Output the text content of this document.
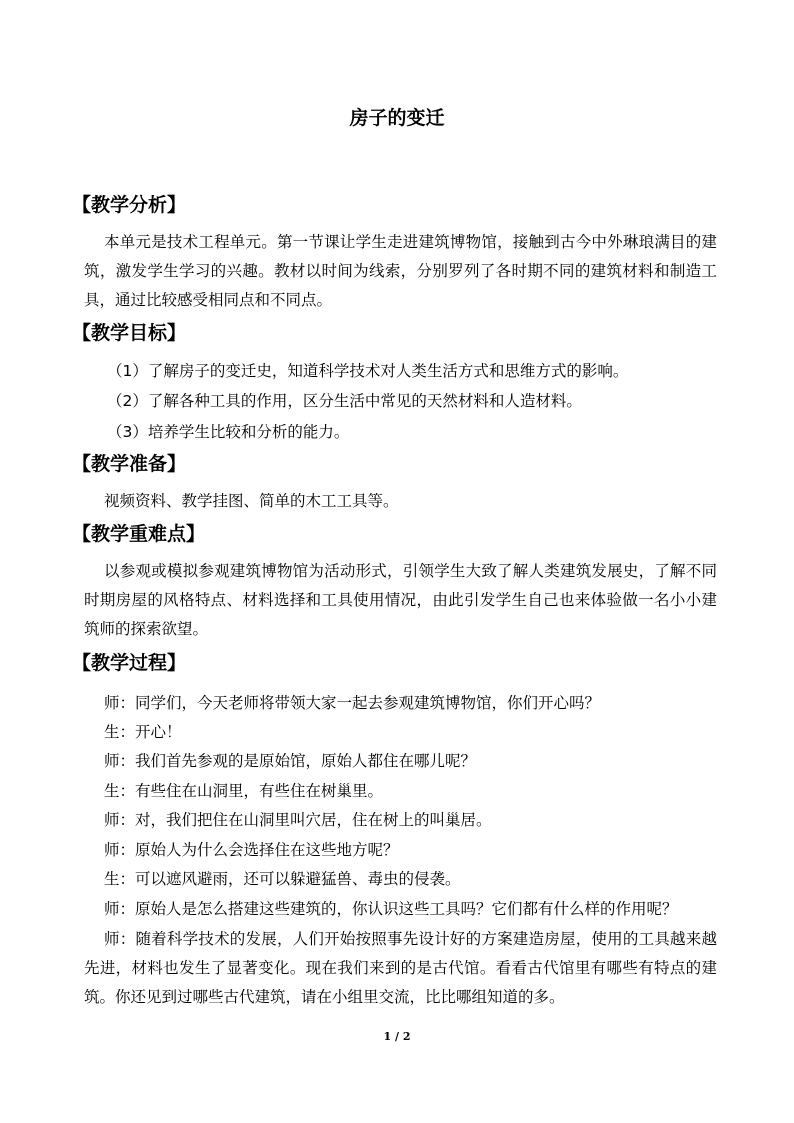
房子的变迁
【教学分析】
本单元是技术工程单元。第一节课让学生走进建筑博物馆，接触到古今中外琳琅满目的建筑，激发学生学习的兴趣。教材以时间为线索，分别罗列了各时期不同的建筑材料和制造工具，通过比较感受相同点和不同点。
【教学目标】
（1）了解房子的变迁史，知道科学技术对人类生活方式和思维方式的影响。
（2）了解各种工具的作用，区分生活中常见的天然材料和人造材料。
（3）培养学生比较和分析的能力。
【教学准备】
视频资料、教学挂图、简单的木工工具等。
【教学重难点】
以参观或模拟参观建筑博物馆为活动形式，引领学生大致了解人类建筑发展史，了解不同时期房屋的风格特点、材料选择和工具使用情况，由此引发学生自己也来体验做一名小小建筑师的探索欲望。
【教学过程】
师：同学们，今天老师将带领大家一起去参观建筑博物馆，你们开心吗？
生：开心！
师：我们首先参观的是原始馆，原始人都住在哪儿呢？
生：有些住在山洞里，有些住在树巢里。
师：对，我们把住在山洞里叫穴居，住在树上的叫巢居。
师：原始人为什么会选择住在这些地方呢？
生：可以遮风避雨，还可以躲避猛兽、毒虫的侵袭。
师：原始人是怎么搭建这些建筑的，你认识这些工具吗？它们都有什么样的作用呢？
师：随着科学技术的发展，人们开始按照事先设计好的方案建造房屋，使用的工具越来越先进，材料也发生了显著变化。现在我们来到的是古代馆。看看古代馆里有哪些有特点的建筑。你还见到过哪些古代建筑，请在小组里交流，比比哪组知道的多。
1 / 2
